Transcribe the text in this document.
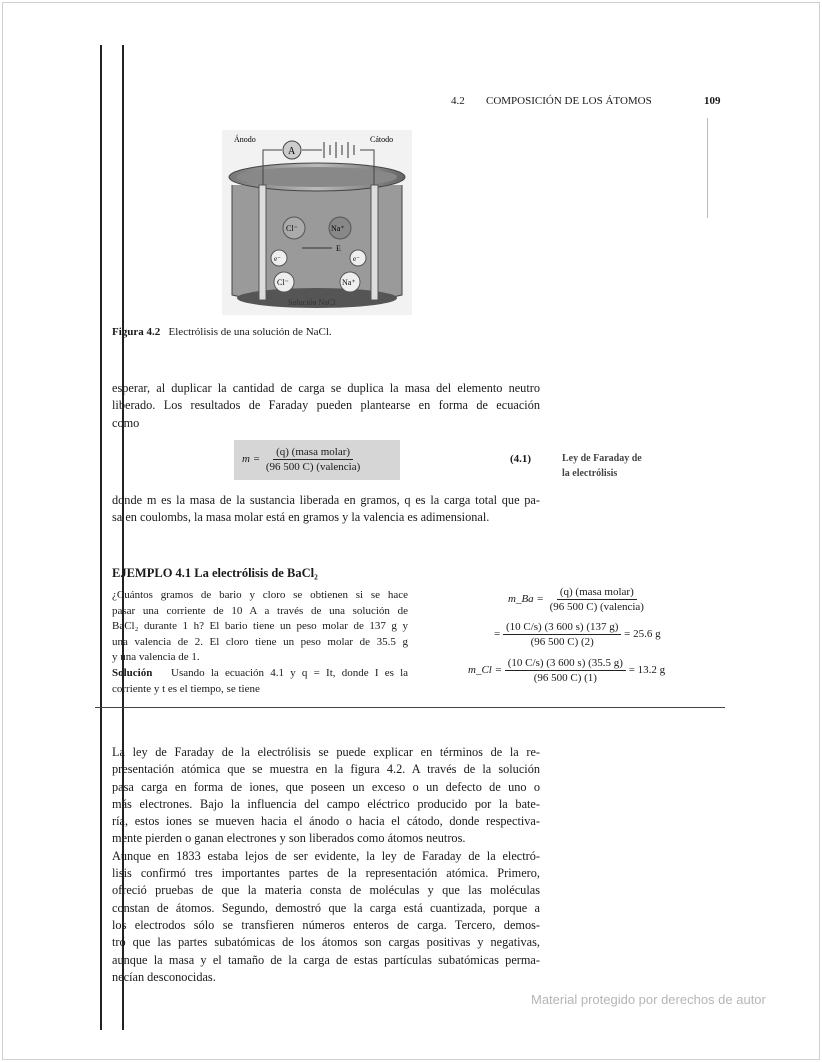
4.2 COMPOSICIÓN DE LOS ÁTOMOS	109
A
Ánodo	Cátodo
Cl⁻	Na⁺
E
e⁻	e⁻
Cl⁻	Na⁺
Solución NaCl
Figura 4.2 Electrólisis de una solución de NaCl.
esperar, al duplicar la cantidad de carga se duplica la masa del elemento neutro
liberado. Los resultados de Faraday pueden plantearse en forma de ecuación
como
$m = \frac{\text{(q) (masa molar)}}{\text{(96 500 C) (valencia)}}$	(4.1)	Ley de Faraday de
la electrólisis
donde m es la masa de la sustancia liberada en gramos, q es la carga total que pa-
sa en coulombs, la masa molar está en gramos y la valencia es adimensional.
EJEMPLO 4.1 La electrólisis de BaCl₂
¿Cuántos gramos de bario y cloro se obtienen si se hace
pasar una corriente de 10 A a través de una solución de
BaCl₂ durante 1 h? El bario tiene un peso molar de 137 g y
una valencia de 2. El cloro tiene un peso molar de 35.5 g
y una valencia de 1.
Solución Usando la ecuación 4.1 y q = It, donde I es la
corriente y t es el tiempo, se tiene
m_Ba = $\frac{\text{(q) (masa molar)}}{\text{(96 500 C) (valencia)}}$
= $\frac{(10 C/s) (3 600 s) (137 g)}{(96 500 C) (2)} = 25.6$ g
m_Cl = $\frac{(10 C/s) (3 600 s) (35.5 g)}{(96 500 C) (1)} = 13.2$ g
La ley de Faraday de la electrólisis se puede explicar en términos de la re-
presentación atómica que se muestra en la figura 4.2. A través de la solución
pasa carga en forma de iones, que poseen un exceso o un defecto de uno o
más electrones. Bajo la influencia del campo eléctrico producido por la bate-
ría, estos iones se mueven hacia el ánodo o hacia el cátodo, donde respectiva-
mente pierden o ganan electrones y son liberados como átomos neutros.
Aunque en 1833 estaba lejos de ser evidente, la ley de Faraday de la electró-
lisis confirmó tres importantes partes de la representación atómica. Primero,
ofreció pruebas de que la materia consta de moléculas y que las moléculas
constan de átomos. Segundo, demostró que la carga está cuantizada, porque a
los electrodos sólo se transfieren números enteros de carga. Tercero, demos-
tró que las partes subatómicas de los átomos son cargas positivas y negativas,
aunque la masa y el tamaño de la carga de estas partículas subatómicas perma-
necían desconocidas.
Material protegido por derechos de autor
